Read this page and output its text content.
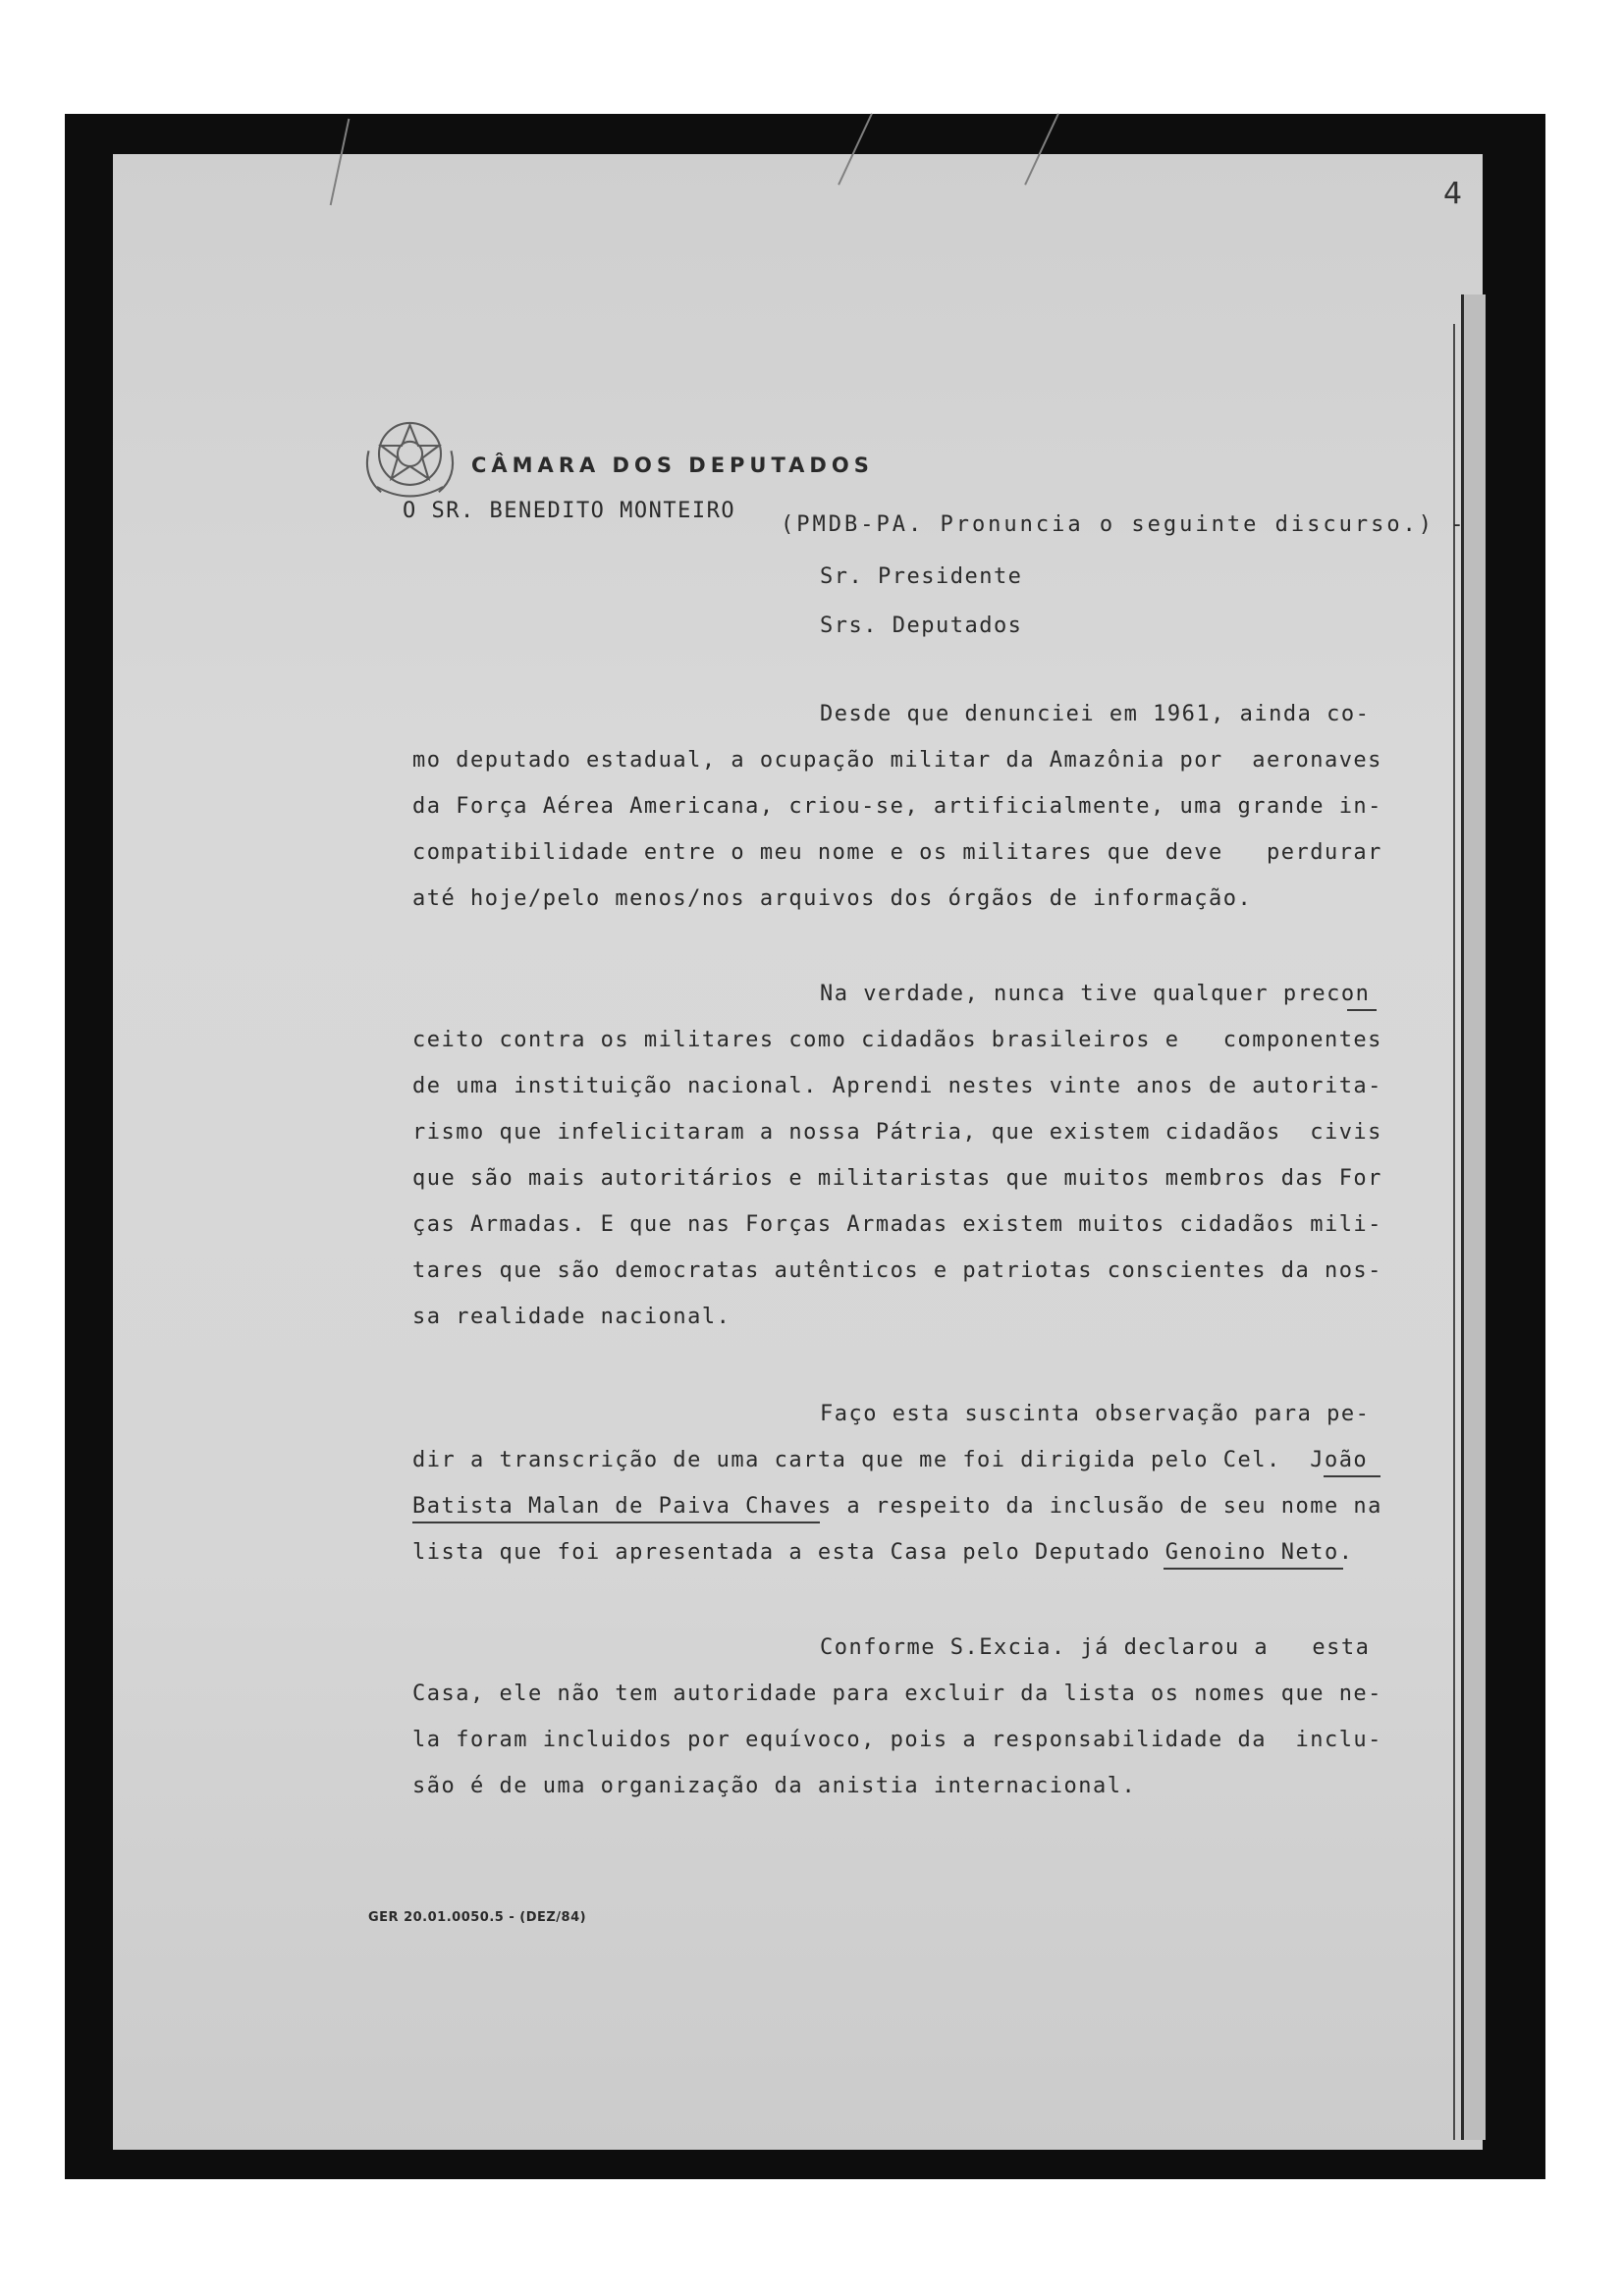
4
CÂMARA DOS DEPUTADOS
O SR. BENEDITO MONTEIRO
(PMDB-PA. Pronuncia o seguinte discurso.) -
Sr. Presidente
Srs. Deputados
Desde que denunciei em 1961, ainda co-
mo deputado estadual, a ocupação militar da Amazônia por  aeronaves
da Força Aérea Americana, criou-se, artificialmente, uma grande in-
compatibilidade entre o meu nome e os militares que deve   perdurar
até hoje/pelo menos/nos arquivos dos órgãos de informação.
Na verdade, nunca tive qualquer precon
ceito contra os militares como cidadãos brasileiros e   componentes
de uma instituição nacional. Aprendi nestes vinte anos de autorita-
rismo que infelicitaram a nossa Pátria, que existem cidadãos  civis
que são mais autoritários e militaristas que muitos membros das For
ças Armadas. E que nas Forças Armadas existem muitos cidadãos mili-
tares que são democratas autênticos e patriotas conscientes da nos-
sa realidade nacional.
Faço esta suscinta observação para pe-
dir a transcrição de uma carta que me foi dirigida pelo Cel.  João
Batista Malan de Paiva Chaves a respeito da inclusão de seu nome na
lista que foi apresentada a esta Casa pelo Deputado Genoino Neto.
Conforme S.Excia. já declarou a   esta
Casa, ele não tem autoridade para excluir da lista os nomes que ne-
la foram incluidos por equívoco, pois a responsabilidade da  inclu-
são é de uma organização da anistia internacional.
GER 20.01.0050.5 - (DEZ/84)
